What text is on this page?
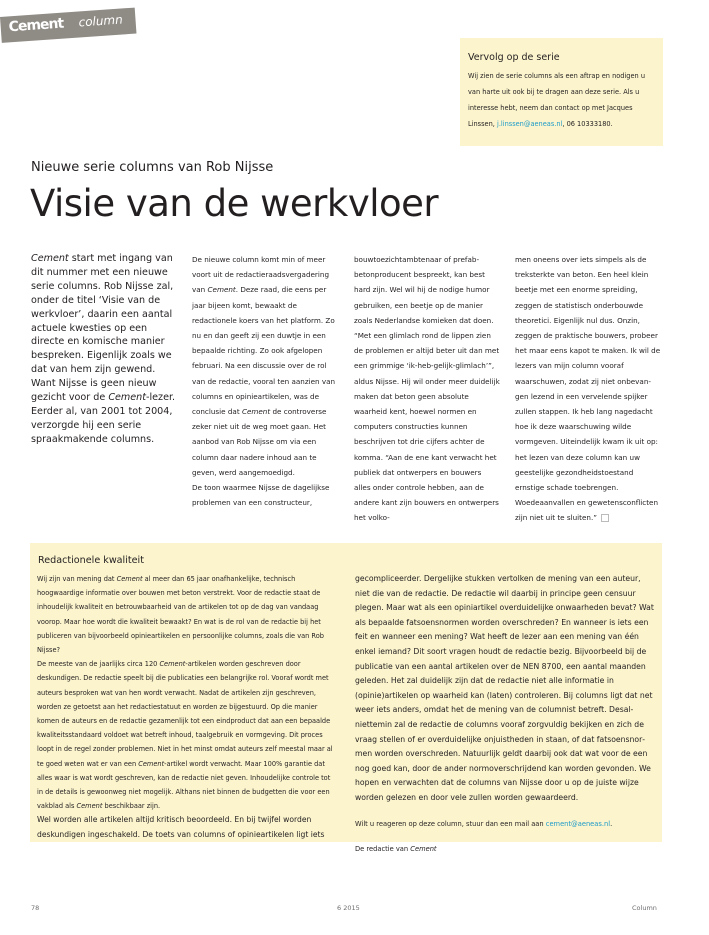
Cement column
Vervolg op de serie
Wij zien de serie columns als een aftrap en nodigen u van harte uit ook bij te dragen aan deze serie. Als u interesse hebt, neem dan contact op met Jacques Linssen, j.linssen@aeneas.nl, 06 10333180.
Nieuwe serie columns van Rob Nijsse
Visie van de werkvloer
Cement start met ingang van dit nummer met een nieuwe serie columns. Rob Nijsse zal, onder de titel ‘Visie van de werkvloer’, daarin een aantal actuele kwesties op een directe en komische manier bespreken. Eigenlijk zoals we dat van hem zijn gewend. Want Nijsse is geen nieuw gezicht voor de Cement-lezer. Eerder al, van 2001 tot 2004, verzorgde hij een serie spraakmakende columns.
De nieuwe column komt min of meer voort uit de redactieraadsvergadering van Cement. Deze raad, die eens per jaar bijeen komt, bewaakt de redactionele koers van het platform. Zo nu en dan geeft zij een duwtje in een bepaalde richting. Zo ook afgelopen februari. Na een discussie over de rol van de redactie, vooral ten aanzien van columns en opinieartikelen, was de conclusie dat Cement de controverse zeker niet uit de weg moet gaan. Het aanbod van Rob Nijsse om via een column daar nadere inhoud aan te geven, werd aangemoedigd.
De toon waarmee Nijsse de dagelijkse problemen van een constructeur,
bouwtoezichtambtenaar of prefabbetonproducent bespreekt, kan best hard zijn. Wel wil hij de nodige humor gebruiken, een beetje op de manier zoals Nederlandse komieken dat doen. “Met een glimlach rond de lippen zien de problemen er altijd beter uit dan met een grimmige ‘ik-heb-gelijk-glimlach’”, aldus Nijsse. Hij wil onder meer duidelijk maken dat beton geen absolute waarheid kent, hoewel normen en computers constructies kunnen beschrijven tot drie cijfers achter de komma. “Aan de ene kant verwacht het publiek dat ontwerpers en bouwers alles onder controle hebben, aan de andere kant zijn bouwers en ontwerpers het volko-
men oneens over iets simpels als de treksterkte van beton. Een heel klein beetje met een enorme spreiding, zeggen de statistisch onderbouwde theoretici. Eigenlijk nul dus. Onzin, zeggen de praktische bouwers, probeer het maar eens kapot te maken. Ik wil de lezers van mijn column vooraf waarschuwen, zodat zij niet onbevangen lezend in een vervelende spijker zullen stappen. Ik heb lang nagedacht hoe ik deze waarschuwing wilde vormgeven. Uiteindelijk kwam ik uit op: het lezen van deze column kan uw geestelijke gezondheidstoestand ernstige schade toebrengen. Woedeaanvallen en gewetensconflicten zijn niet uit te sluiten.”
Redactionele kwaliteit
Wij zijn van mening dat Cement al meer dan 65 jaar onafhankelijke, technisch hoogwaardige informatie over bouwen met beton verstrekt. Voor de redactie staat de inhoudelijk kwaliteit en betrouwbaarheid van de artikelen tot op de dag van vandaag voorop. Maar hoe wordt die kwaliteit bewaakt? En wat is de rol van de redactie bij het publiceren van bijvoorbeeld opinieartikelen en persoonlijke columns, zoals die van Rob Nijsse?
De meeste van de jaarlijks circa 120 Cement-artikelen worden geschreven door deskundigen. De redactie speelt bij die publicaties een belangrijke rol. Vooraf wordt met auteurs besproken wat van hen wordt verwacht. Nadat de artikelen zijn geschreven, worden ze getoetst aan het redactiestatuut en worden ze bijgestuurd. Op die manier komen de auteurs en de redactie gezamenlijk tot een eindproduct dat aan een bepaalde kwaliteitsstandaard voldoet wat betreft inhoud, taalgebruik en vormgeving. Dit proces loopt in de regel zonder problemen. Niet in het minst omdat auteurs zelf meestal maar al te goed weten wat er van een Cement-artikel wordt verwacht. Maar 100% garantie dat alles waar is wat wordt geschreven, kan de redactie niet geven. Inhoudelijke controle tot in de details is gewoonweg niet mogelijk. Althans niet binnen de budgetten die voor een vakblad als Cement beschikbaar zijn.
Wel worden alle artikelen altijd kritisch beoordeeld. En bij twijfel worden deskundigen ingeschakeld. De toets van columns of opinieartikelen ligt iets
gecompliceerder. Dergelijke stukken vertolken de mening van een auteur, niet die van de redactie. De redactie wil daarbij in principe geen censuur plegen. Maar wat als een opiniartikel overduidelijke onwaarheden bevat? Wat als bepaalde fatsoensnormen worden overschreden? En wanneer is iets een feit en wanneer een mening? Wat heeft de lezer aan een mening van één enkel iemand? Dit soort vragen houdt de redactie bezig. Bijvoorbeeld bij de publicatie van een aantal artikelen over de NEN 8700, een aantal maanden geleden. Het zal duidelijk zijn dat de redactie niet alle informatie in (opinie)artikelen op waarheid kan (laten) controleren. Bij columns ligt dat net weer iets anders, omdat het de mening van de columnist betreft. Desalniettemin zal de redactie de columns vooraf zorgvuldig bekijken en zich de vraag stellen of er overduidelijke onjuistheden in staan, of dat fatsoensnormen worden overschreden. Natuurlijk geldt daarbij ook dat wat voor de een nog goed kan, door de ander normoverschrijdend kan worden gevonden. We hopen en verwachten dat de columns van Nijsse door u op de juiste wijze worden gelezen en door vele zullen worden gewaardeerd.
Wilt u reageren op deze column, stuur dan een mail aan cement@aeneas.nl.
De redactie van Cement
78	6 2015	Column
